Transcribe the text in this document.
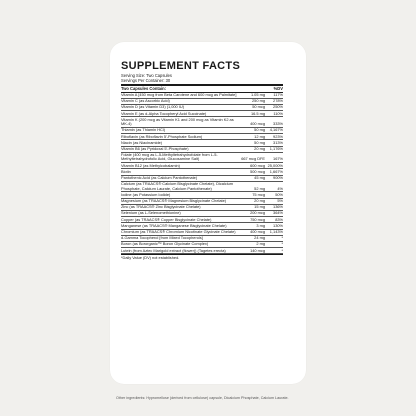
SUPPLEMENT FACTS
Serving Size: Two Capsules
Servings Per Container: 30
Two Capsules Contain:	%DV
Vitamin A [450 mcg from Beta Carotene and 600 mcg as Palmitate]	1.05 mg	117%
Vitamin C (as Ascorbic Acid)	250 mg	278%
Vitamin D (as Vitamin D3) (1,000 IU)	50 mcg	250%
Vitamin E (as d-Alpha Tocopheryl Acid Succinate)	16.5 mg	110%
Vitamin K (200 mcg as Vitamin K1 and 200 mcg as Vitamin K2 as MK-4)	400 mcg	333%
Thiamin (as Thiamin HCl)	50 mg	4,167%
Riboflavin (as Riboflavin 5'-Phosphate Sodium)	12 mg	923%
Niacin (as Niacinamide)	50 mg	313%
Vitamin B6 (as Pyridoxal 5'-Phosphate)	20 mg	1,176%
Folate (400 mcg as L-5-Methyltetrahydrofolate from L-5-Methyltetrahydrofolic Acid, Glucosamine Salt)	667 mcg DFE	167%
Vitamin B12 (as Methylcobalamin)	600 mcg 25,000%
Biotin	500 mcg	1,667%
Pantothenic Acid (as Calcium Pantothenate)	45 mg	900%
Calcium (as TRAACS® Calcium Bisglycinate Chelate), Dicalcium Phosphate, Calcium Laurate, Calcium Pantothenate)	52 mg	4%
Iodine (as Potassium Iodide)	75 mcg	50%
Magnesium (as TRAACS® Magnesium Bisglycinate Chelate)	20 mg	5%
Zinc (as TRAACS® Zinc Bisglycinate Chelate)	15 mg	136%
Selenium (as L-Selenomethionine)	200 mcg	364%
Copper (as TRAACS® Copper Bisglycinate Chelate)	750 mcg	83%
Manganese (as TRAACS® Manganese Bisglycinate Chelate)	3 mg	130%
Chromium (as TRAACS® Chromium Nicotinate Glycinate Chelate)	400 mcg	1,143%
d-Gamma Tocopherol [from Mixed Tocopherols]	24 mg	*
Boron (as Bororganic™ Boron Glycinate Complex)	2 mg	*
Lutein (from Aztec Marigold extract (flower)) (Tagetes erecta)	140 mcg	*
*Daily Value (DV) not established.
Other ingredients: Hypromellose (derived from cellulose) capsule, Dicalcium Phosphate, Calcium Laurate.
